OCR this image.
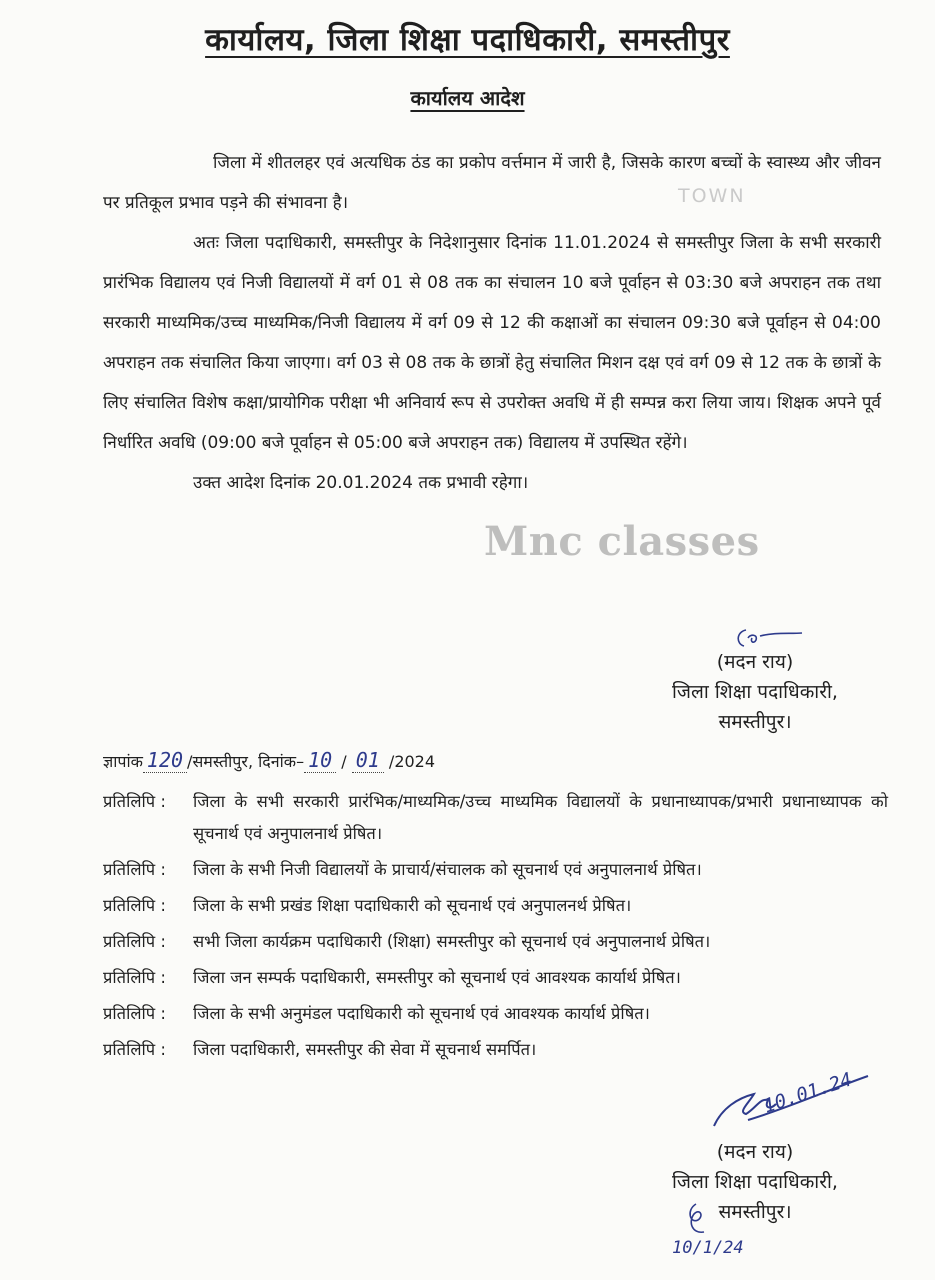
कार्यालय, जिला शिक्षा पदाधिकारी, समस्तीपुर
कार्यालय आदेश

जिला में शीतलहर एवं अत्यधिक ठंड का प्रकोप वर्त्तमान में जारी है, जिसके कारण बच्चों के स्वास्थ्य और जीवन पर प्रतिकूल प्रभाव पड़ने की संभावना है।

अतः जिला पदाधिकारी, समस्तीपुर के निदेशानुसार दिनांक 11.01.2024 से समस्तीपुर जिला के सभी सरकारी प्रारंभिक विद्यालय एवं निजी विद्यालयों में वर्ग 01 से 08 तक का संचालन 10 बजे पूर्वाहन से 03:30 बजे अपराहन तक तथा सरकारी माध्यमिक/उच्च माध्यमिक/निजी विद्यालय में वर्ग 09 से 12 की कक्षाओं का संचालन 09:30 बजे पूर्वाहन से 04:00 अपराहन तक संचालित किया जाएगा। वर्ग 03 से 08 तक के छात्रों हेतु संचालित मिशन दक्ष एवं वर्ग 09 से 12 तक के छात्रों के लिए संचालित विशेष कक्षा/प्रायोगिक परीक्षा भी अनिवार्य रूप से उपरोक्त अवधि में ही सम्पन्न करा लिया जाय। शिक्षक अपने पूर्व निर्धारित अवधि (09:00 बजे पूर्वाहन से 05:00 बजे अपराहन तक) विद्यालय में उपस्थित रहेंगे।

उक्त आदेश दिनांक 20.01.2024 तक प्रभावी रहेगा।

TOWN
Mnc classes
(मदन राय)
जिला शिक्षा पदाधिकारी,
समस्तीपुर।
ज्ञापांक 120 /समस्तीपुर, दिनांक– 10 / 01 /2024
प्रतिलिपि :	जिला के सभी सरकारी प्रारंभिक/माध्यमिक/उच्च माध्यमिक विद्यालयों के प्रधानाध्यापक/प्रभारी प्रधानाध्यापक को सूचनार्थ एवं अनुपालनार्थ प्रेषित।
प्रतिलिपि :	जिला के सभी निजी विद्यालयों के प्राचार्य/संचालक को सूचनार्थ एवं अनुपालनार्थ प्रेषित।
प्रतिलिपि :	जिला के सभी प्रखंड शिक्षा पदाधिकारी को सूचनार्थ एवं अनुपालनर्थ प्रेषित।
प्रतिलिपि :	सभी जिला कार्यक्रम पदाधिकारी (शिक्षा) समस्तीपुर को सूचनार्थ एवं अनुपालनार्थ प्रेषित।
प्रतिलिपि :	जिला जन सम्पर्क पदाधिकारी, समस्तीपुर को सूचनार्थ एवं आवश्यक कार्यार्थ प्रेषित।
प्रतिलिपि :	जिला के सभी अनुमंडल पदाधिकारी को सूचनार्थ एवं आवश्यक कार्यार्थ प्रेषित।
प्रतिलिपि :	जिला पदाधिकारी, समस्तीपुर की सेवा में सूचनार्थ समर्पित।
10.01.24
(मदन राय)
जिला शिक्षा पदाधिकारी,
समस्तीपुर।
10/1/24
